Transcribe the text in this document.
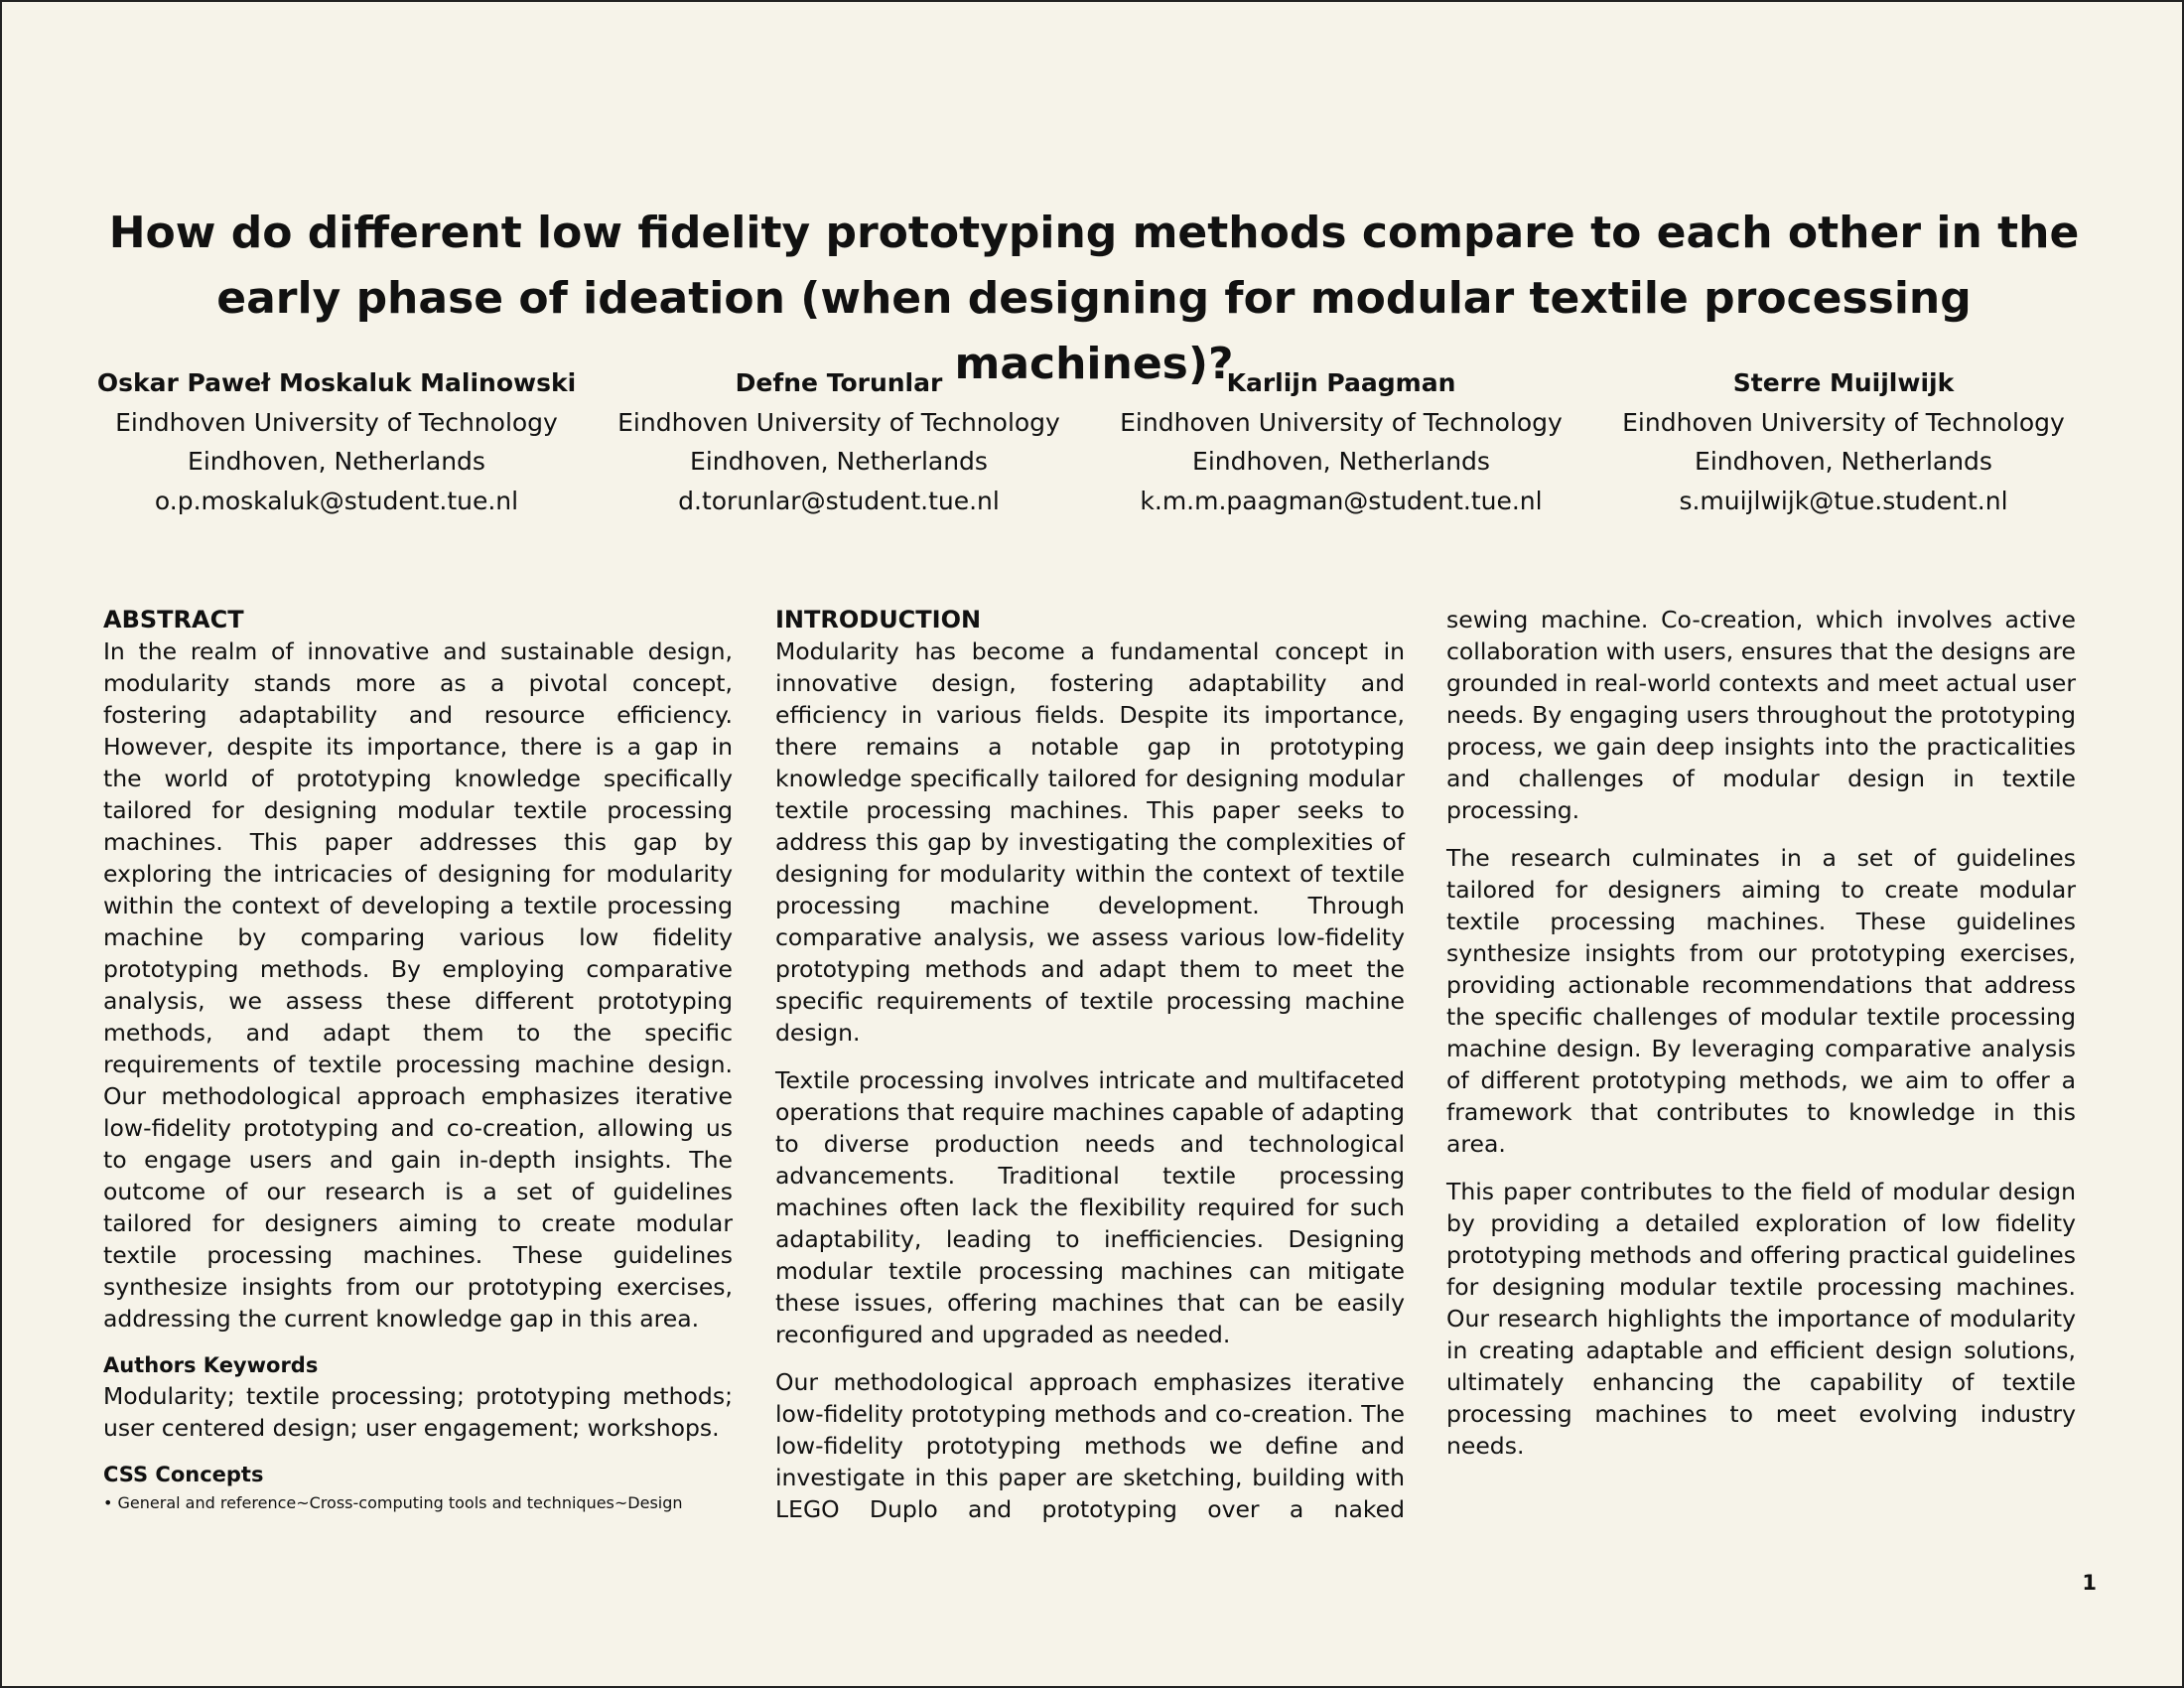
How do different low fidelity prototyping methods compare to each other in the early phase of ideation (when designing for modular textile processing machines)?
Oskar Paweł Moskaluk Malinowski
Eindhoven University of Technology
Eindhoven, Netherlands
o.p.moskaluk@student.tue.nl
Defne Torunlar
Eindhoven University of Technology
Eindhoven, Netherlands
d.torunlar@student.tue.nl
Karlijn Paagman
Eindhoven University of Technology
Eindhoven, Netherlands
k.m.m.paagman@student.tue.nl
Sterre Muijlwijk
Eindhoven University of Technology
Eindhoven, Netherlands
s.muijlwijk@tue.student.nl
ABSTRACT

In the realm of innovative and sustainable design, modularity stands more as a pivotal concept, fostering adaptability and resource efficiency. However, despite its importance, there is a gap in the world of prototyping knowledge specifically tailored for designing modular textile processing machines. This paper addresses this gap by exploring the intricacies of designing for modularity within the context of developing a textile processing machine by comparing various low fidelity prototyping methods. By employing comparative analysis, we assess these different prototyping methods, and adapt them to the specific requirements of textile processing machine design. Our methodological approach emphasizes iterative low-fidelity prototyping and co-creation, allowing us to engage users and gain in-depth insights. The outcome of our research is a set of guidelines tailored for designers aiming to create modular textile processing machines. These guidelines synthesize insights from our prototyping exercises, addressing the current knowledge gap in this area.

Authors Keywords

Modularity; textile processing; prototyping methods; user centered design; user engagement; workshops.

CSS Concepts

• General and reference~Cross-computing tools and techniques~Design

INTRODUCTION

Modularity has become a fundamental concept in innovative design, fostering adaptability and efficiency in various fields. Despite its importance, there remains a notable gap in prototyping knowledge specifically tailored for designing modular textile processing machines. This paper seeks to address this gap by investigating the complexities of designing for modularity within the context of textile processing machine development. Through comparative analysis, we assess various low-fidelity prototyping methods and adapt them to meet the specific requirements of textile processing machine design.

Textile processing involves intricate and multifaceted operations that require machines capable of adapting to diverse production needs and technological advancements. Traditional textile processing machines often lack the flexibility required for such adaptability, leading to inefficiencies. Designing modular textile processing machines can mitigate these issues, offering machines that can be easily reconfigured and upgraded as needed.

Our methodological approach emphasizes iterative low-fidelity prototyping methods and co-creation. The low-fidelity prototyping methods we define and investigate in this paper are sketching, building with LEGO Duplo and prototyping over a naked

sewing machine. Co-creation, which involves active collaboration with users, ensures that the designs are grounded in real-world contexts and meet actual user needs. By engaging users throughout the prototyping process, we gain deep insights into the practicalities and challenges of modular design in textile processing.

The research culminates in a set of guidelines tailored for designers aiming to create modular textile processing machines. These guidelines synthesize insights from our prototyping exercises, providing actionable recommendations that address the specific challenges of modular textile processing machine design. By leveraging comparative analysis of different prototyping methods, we aim to offer a framework that contributes to knowledge in this area.

This paper contributes to the field of modular design by providing a detailed exploration of low fidelity prototyping methods and offering practical guidelines for designing modular textile processing machines. Our research highlights the importance of modularity in creating adaptable and efficient design solutions, ultimately enhancing the capability of textile processing machines to meet evolving industry needs.

1
